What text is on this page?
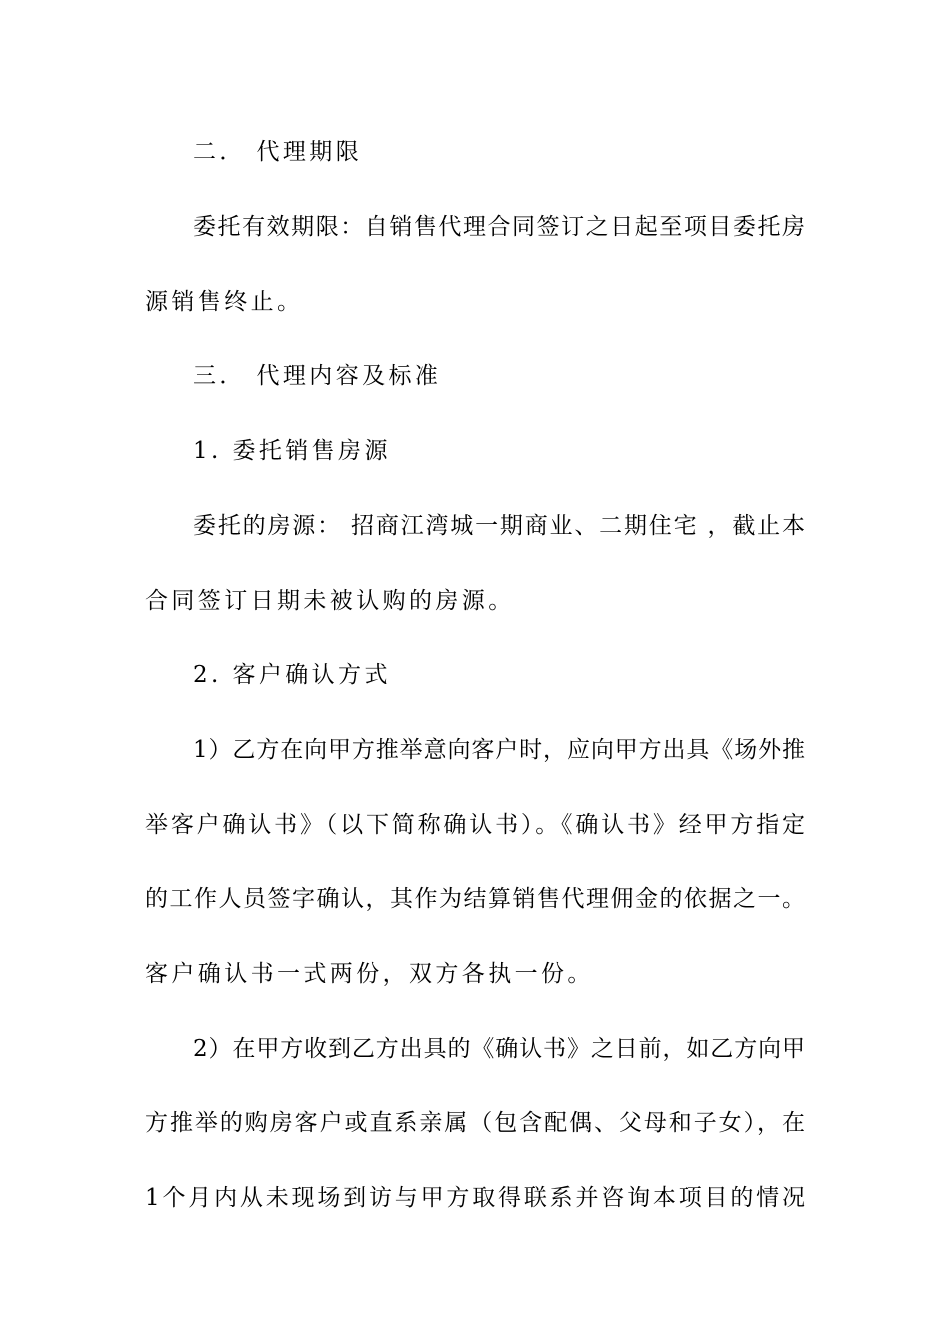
二． 代理期限
委托有效期限：自销售代理合同签订之日起至项目委托房
源销售终止。
三． 代理内容及标准
1. 委托销售房源
委托的房源： 招商江湾城一期商业、二期住宅 ，截止本
合同签订日期未被认购的房源。
2. 客户确认方式
1）乙方在向甲方推举意向客户时，应向甲方出具《场外推
举客户确认书》（以下简称确认书）。《确认书》经甲方指定
的工作人员签字确认，其作为结算销售代理佣金的依据之一。
客户确认书一式两份，双方各执一份。
2）在甲方收到乙方出具的《确认书》之日前，如乙方向甲
方推举的购房客户或直系亲属（包含配偶、父母和子女），在
1个月内从未现场到访与甲方取得联系并咨询本项目的情况
